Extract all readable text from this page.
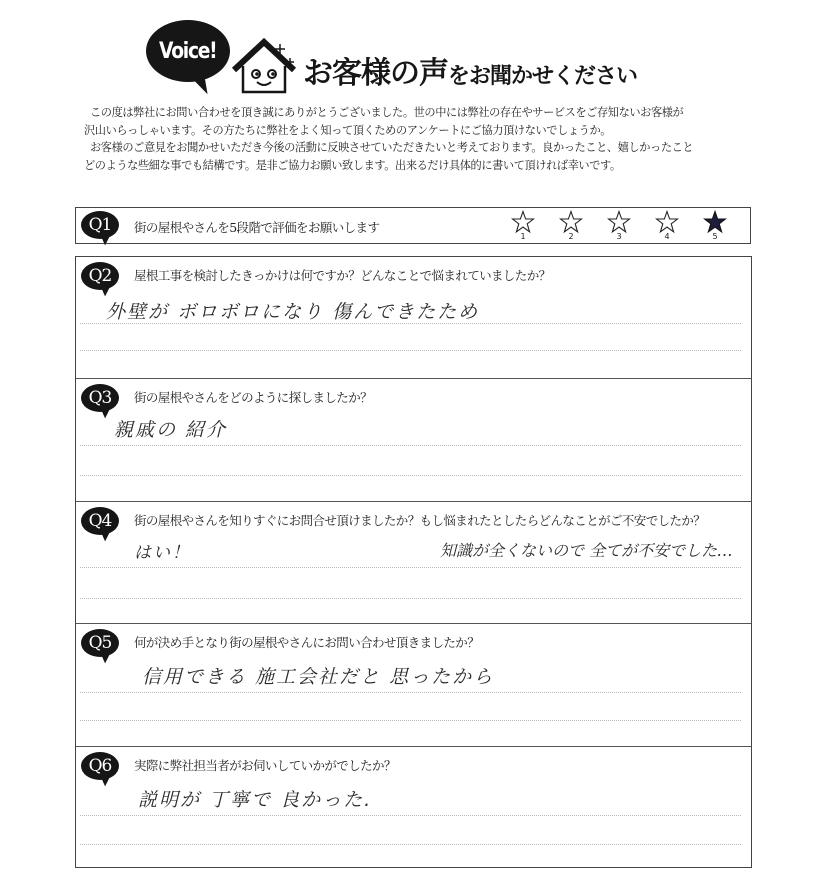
Voice!
お客様の声をお聞かせください

この度は弊社にお問い合わせを頂き誠にありがとうございました。世の中には弊社の存在やサービスをご存知ないお客様が

沢山いらっしゃいます。その方たちに弊社をよく知って頂くためのアンケートにご協力頂けないでしょうか。

お客様のご意見をお聞かせいただき今後の活動に反映させていただきたいと考えております。良かったこと、嬉しかったこと

どのような些細な事でも結構です。是非ご協力お願い致します。出来るだけ具体的に書いて頂ければ幸いです。

Q1	街の屋根やさんを5段階で評価をお願いします
1	2	3	4	5
Q2	屋根工事を検討したきっかけは何ですか？どんなことで悩まれていましたか？
外壁が ボロボロになり 傷んできたため
Q3	街の屋根やさんをどのように探しましたか？
親戚の 紹介
Q4	街の屋根やさんを知りすぐにお問合せ頂けましたか？もし悩まれたとしたらどんなことがご不安でしたか？
はい！	知識が全くないので 全てが不安でした…
Q5	何が決め手となり街の屋根やさんにお問い合わせ頂きましたか？
信用できる 施工会社だと 思ったから
Q6	実際に弊社担当者がお伺いしていかがでしたか？
説明が 丁寧で 良かった.
